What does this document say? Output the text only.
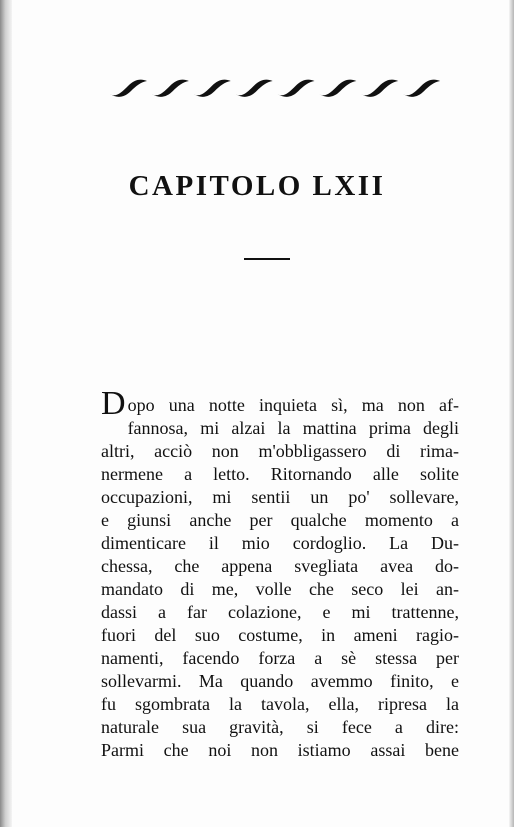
CAPITOLO LXII
D opo una notte inquieta sì, ma non af-
fannosa, mi alzai la mattina prima degli
altri, acciò non m'obbligassero di rima-
nermene a letto. Ritornando alle solite
occupazioni, mi sentii un po' sollevare,
e giunsi anche per qualche momento a
dimenticare il mio cordoglio. La Du-
chessa, che appena svegliata avea do-
mandato di me, volle che seco lei an-
dassi a far colazione, e mi trattenne,
fuori del suo costume, in ameni ragio-
namenti, facendo forza a sè stessa per
sollevarmi. Ma quando avemmo finito, e
fu sgombrata la tavola, ella, ripresa la
naturale sua gravità, si fece a dire:
Parmi che noi non istiamo assai bene
